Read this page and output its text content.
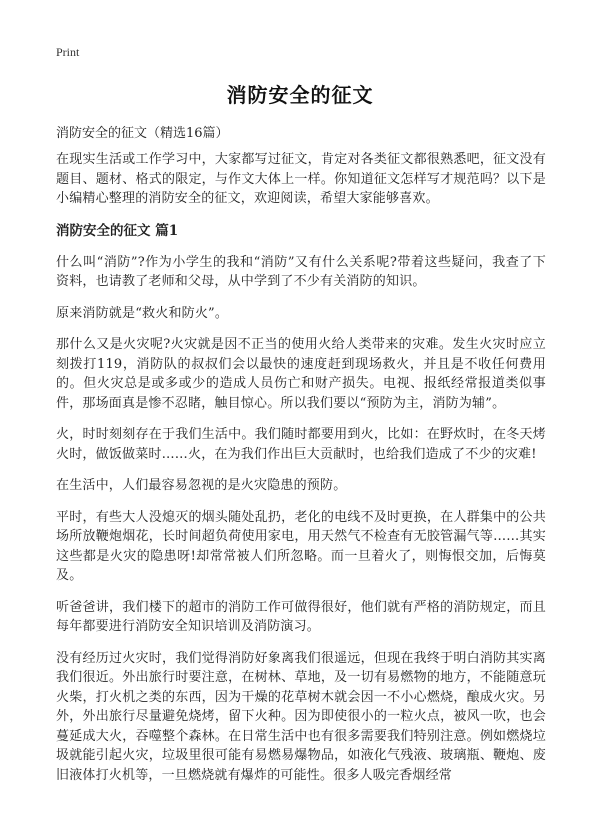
Print
消防安全的征文
消防安全的征文（精选16篇）

在现实生活或工作学习中，大家都写过征文，肯定对各类征文都很熟悉吧，征文没有题目、题材、格式的限定，与作文大体上一样。你知道征文怎样写才规范吗？以下是小编精心整理的消防安全的征文，欢迎阅读，希望大家能够喜欢。

消防安全的征文 篇1

什么叫“消防”?作为小学生的我和“消防”又有什么关系呢?带着这些疑问，我查了下资料，也请教了老师和父母，从中学到了不少有关消防的知识。

原来消防就是“救火和防火”。

那什么又是火灾呢?火灾就是因不正当的使用火给人类带来的灾难。发生火灾时应立刻拨打119，消防队的叔叔们会以最快的速度赶到现场救火，并且是不收任何费用的。但火灾总是或多或少的造成人员伤亡和财产损失。电视、报纸经常报道类似事件，那场面真是惨不忍睹，触目惊心。所以我们要以“预防为主，消防为辅”。

火，时时刻刻存在于我们生活中。我们随时都要用到火，比如：在野炊时，在冬天烤火时，做饭做菜时……火，在为我们作出巨大贡献时，也给我们造成了不少的灾难!

在生活中，人们最容易忽视的是火灾隐患的预防。

平时，有些大人没熄灭的烟头随处乱扔，老化的电线不及时更换，在人群集中的公共场所放鞭炮烟花，长时间超负荷使用家电，用天然气不检查有无胶管漏气等……其实这些都是火灾的隐患呀!却常常被人们所忽略。而一旦着火了，则悔恨交加，后悔莫及。

听爸爸讲，我们楼下的超市的消防工作可做得很好，他们就有严格的消防规定，而且每年都要进行消防安全知识培训及消防演习。

没有经历过火灾时，我们觉得消防好象离我们很遥远，但现在我终于明白消防其实离我们很近。外出旅行时要注意，在树林、草地，及一切有易燃物的地方，不能随意玩火柴，打火机之类的东西，因为干燥的花草树木就会因一不小心燃烧，酿成火灾。另外，外出旅行尽量避免烧烤，留下火种。因为即使很小的一粒火点，被风一吹，也会蔓延成大火，吞噬整个森林。在日常生活中也有很多需要我们特别注意。例如燃烧垃圾就能引起火灾，垃圾里很可能有易燃易爆物品，如液化气残液、玻璃瓶、鞭炮、废旧液体打火机等，一旦燃烧就有爆炸的可能性。很多人吸完香烟经常
